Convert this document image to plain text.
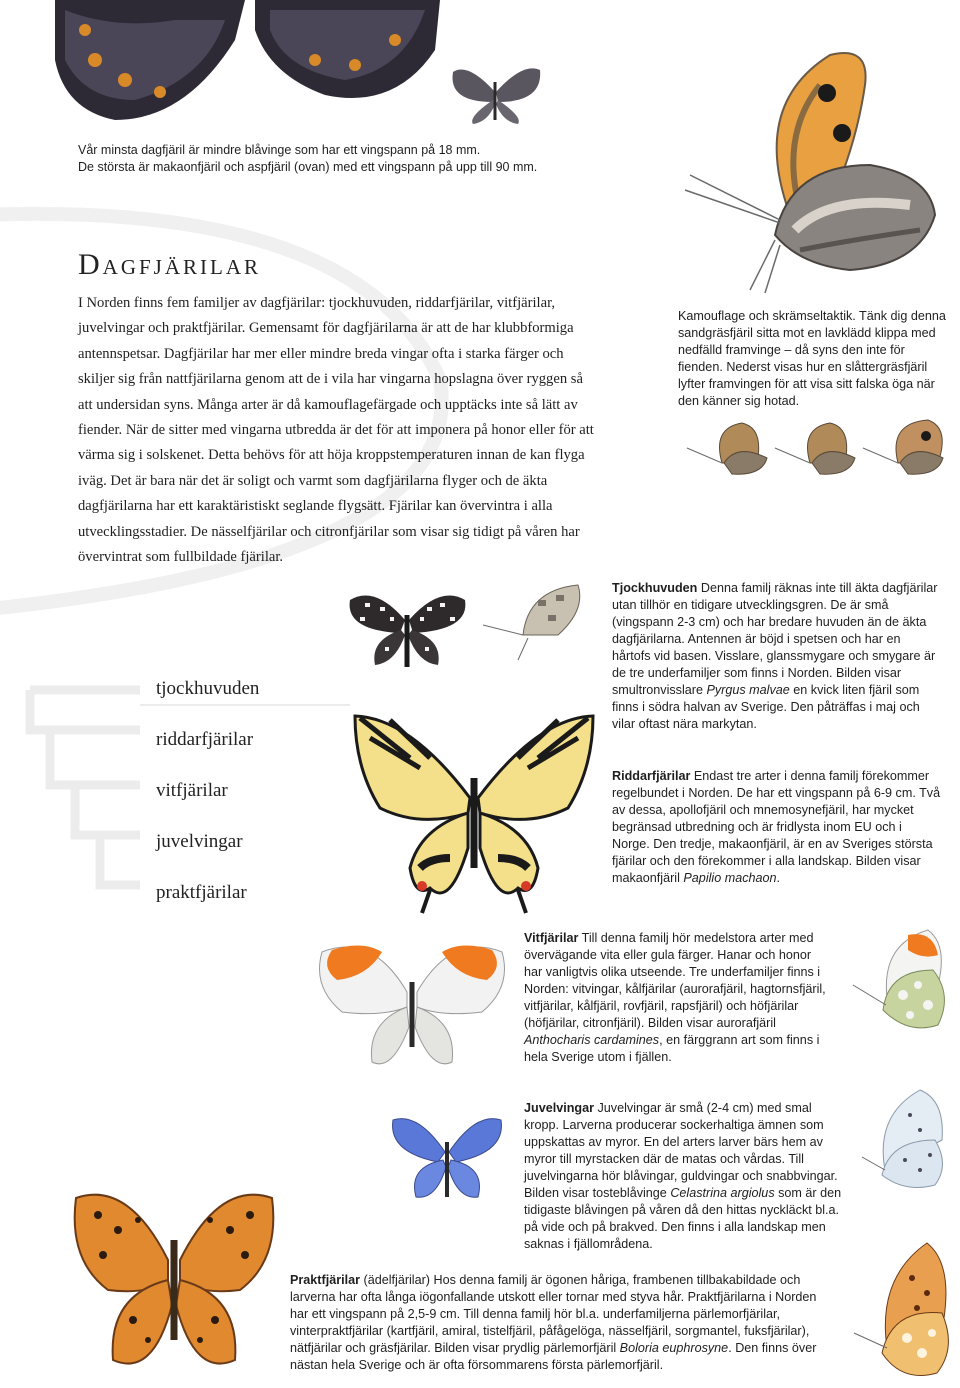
Vår minsta dagfjäril är mindre blåvinge som har ett vingspann på 18 mm.
De största är makaonfjäril och aspfjäril (ovan) med ett vingspann på upp till 90 mm.
Dagfjärilar
I Norden finns fem familjer av dagfjärilar: tjockhuvuden, riddarfjärilar, vitfjärilar, juvelvingar och praktfjärilar. Gemensamt för dagfjärilarna är att de har klubbformiga antennspetsar. Dagfjärilar har mer eller mindre breda vingar ofta i starka färger och skiljer sig från nattfjärilarna genom att de i vila har vingarna hopslagna över ryggen så att undersidan syns. Många arter är då kamouflagefärgade och upptäcks inte så lätt av fiender. När de sitter med vingarna utbredda är det för att imponera på honor eller för att värma sig i solskenet. Detta behövs för att höja kroppstemperaturen innan de kan flyga iväg. Det är bara när det är soligt och varmt som dagfjärilarna flyger och de äkta dagfjärilarna har ett karaktäristiskt seglande flygsätt. Fjärilar kan övervintra i alla utvecklingsstadier. De nässelfjärilar och citronfjärilar som visar sig tidigt på våren har övervintrat som fullbildade fjärilar.
Kamouflage och skrämseltaktik. Tänk dig denna sandgräsfjäril sitta mot en lavklädd klippa med nedfälld framvinge – då syns den inte för fienden. Nederst visas hur en slåttergräsfjäril lyfter framvingen för att visa sitt falska öga när den känner sig hotad.
tjockhuvuden
riddarfjärilar
vitfjärilar
juvelvingar
praktfjärilar
Tjockhuvuden Denna familj räknas inte till äkta dagfjärilar utan tillhör en tidigare utvecklingsgren. De är små (vingspann 2-3 cm) och har bredare huvuden än de äkta dagfjärilarna. Antennen är böjd i spetsen och har en hårtofs vid basen. Visslare, glanssmygare och smygare är de tre underfamiljer som finns i Norden. Bilden visar smultronvisslare Pyrgus malvae en kvick liten fjäril som finns i södra halvan av Sverige. Den påträffas i maj och vilar oftast nära markytan.
Riddarfjärilar Endast tre arter i denna familj förekommer regelbundet i Norden. De har ett vingspann på 6-9 cm. Två av dessa, apollofjäril och mnemosynefjäril, har mycket begränsad utbredning och är fridlysta inom EU och i Norge. Den tredje, makaonfjäril, är en av Sveriges största fjärilar och den förekommer i alla landskap. Bilden visar makaonfjäril Papilio machaon.
Vitfjärilar Till denna familj hör medelstora arter med övervägande vita eller gula färger. Hanar och honor har vanligtvis olika utseende. Tre underfamiljer finns i Norden: vitvingar, kålfjärilar (aurorafjäril, hagtornsfjäril, vitfjärilar, kålfjäril, rovfjäril, rapsfjäril) och höfjärilar (höfjärilar, citronfjäril). Bilden visar aurorafjäril Anthocharis cardamines, en färggrann art som finns i hela Sverige utom i fjällen.
Juvelvingar Juvelvingar är små (2-4 cm) med smal kropp. Larverna producerar sockerhaltiga ämnen som uppskattas av myror. En del arters larver bärs hem av myror till myrstacken där de matas och vårdas. Till juvelvingarna hör blåvingar, guldvingar och snabbvingar. Bilden visar tosteblåvinge Celastrina argiolus som är den tidigaste blåvingen på våren då den hittas nyckläckt bl.a. på vide och på brakved. Den finns i alla landskap men saknas i fjällområdena.
Praktfjärilar (ädelfjärilar) Hos denna familj är ögonen håriga, frambenen tillbakabildade och larverna har ofta långa iögonfallande utskott eller tornar med styva hår. Praktfjärilarna i Norden har ett vingspann på 2,5-9 cm. Till denna familj hör bl.a. underfamiljerna pärlemorfjärilar, vinterpraktfjärilar (kartfjäril, amiral, tistelfjäril, påfågelöga, nässelfjäril, sorgmantel, fuksfjärilar), nätfjärilar och gräsfjärilar. Bilden visar prydlig pärlemorfjäril Boloria euphrosyne. Den finns över nästan hela Sverige och är ofta försommarens första pärlemorfjäril.
